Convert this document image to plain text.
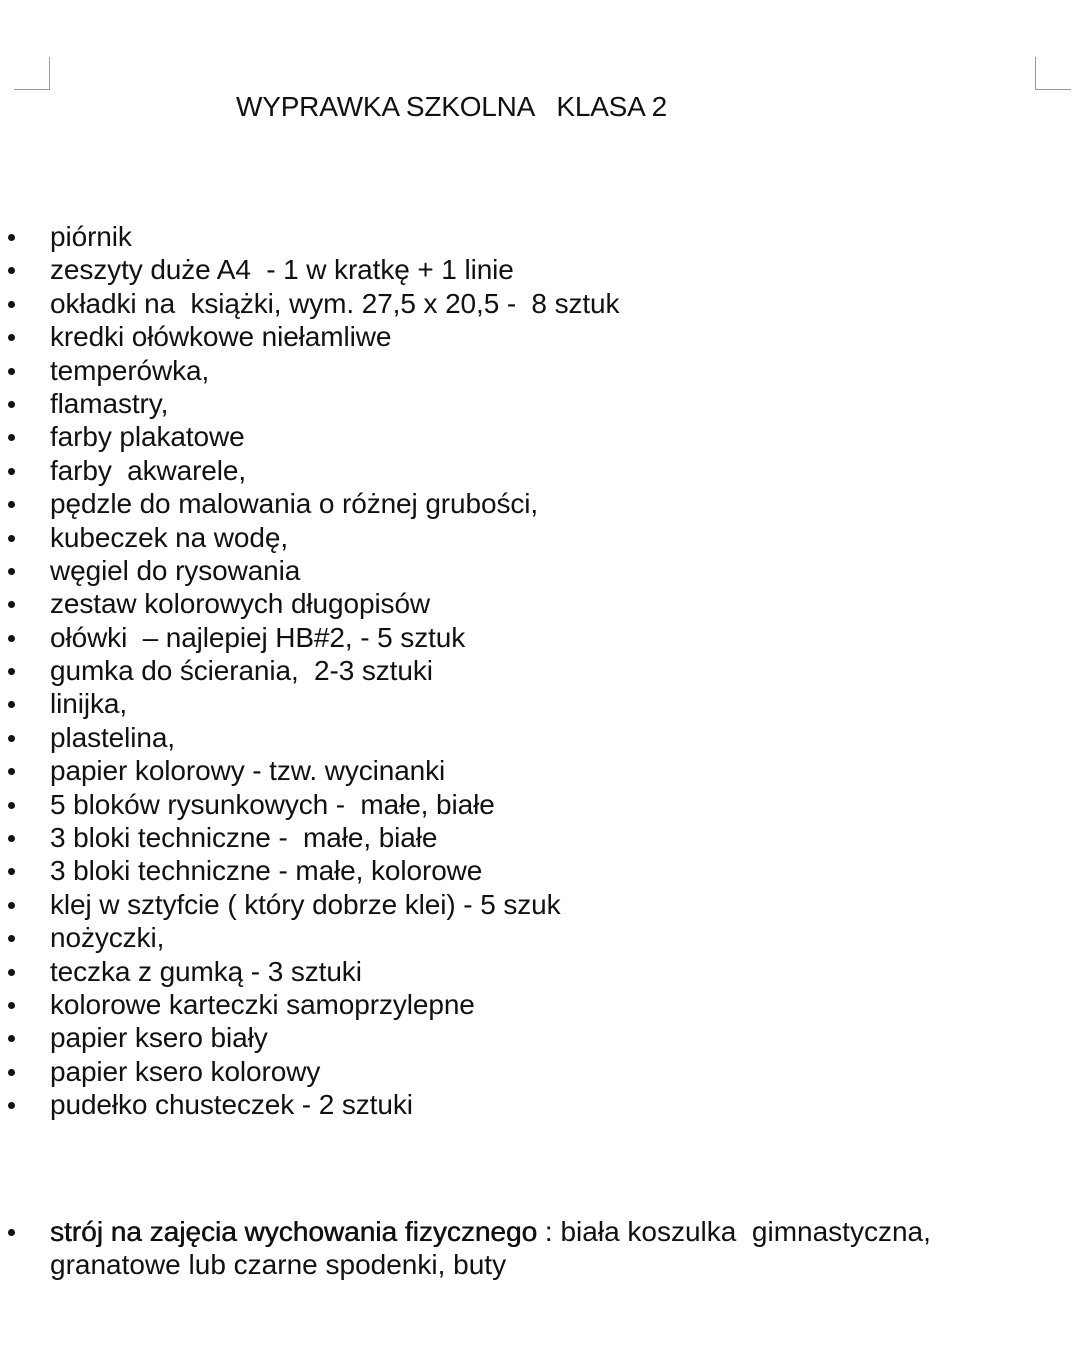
WYPRAWKA SZKOLNA   KLASA 2
piórnik
zeszyty duże A4  - 1 w kratkę + 1 linie
okładki na  książki, wym. 27,5 x 20,5 -  8 sztuk
kredki ołówkowe niełamliwe
temperówka,
flamastry,
farby plakatowe
farby  akwarele,
pędzle do malowania o różnej grubości,
kubeczek na wodę,
węgiel do rysowania
zestaw kolorowych długopisów
ołówki  – najlepiej HB#2, - 5 sztuk
gumka do ścierania,  2-3 sztuki
linijka,
plastelina,
papier kolorowy - tzw. wycinanki
5 bloków rysunkowych -  małe, białe
3 bloki techniczne -  małe, białe
3 bloki techniczne - małe, kolorowe
klej w sztyfcie ( który dobrze klei) - 5 szuk
nożyczki,
teczka z gumką - 3 sztuki
kolorowe karteczki samoprzylepne
papier ksero biały
papier ksero kolorowy
pudełko chusteczek - 2 sztuki
strój na zajęcia wychowania fizycznego : biała koszulka  gimnastyczna,
granatowe lub czarne spodenki, buty
